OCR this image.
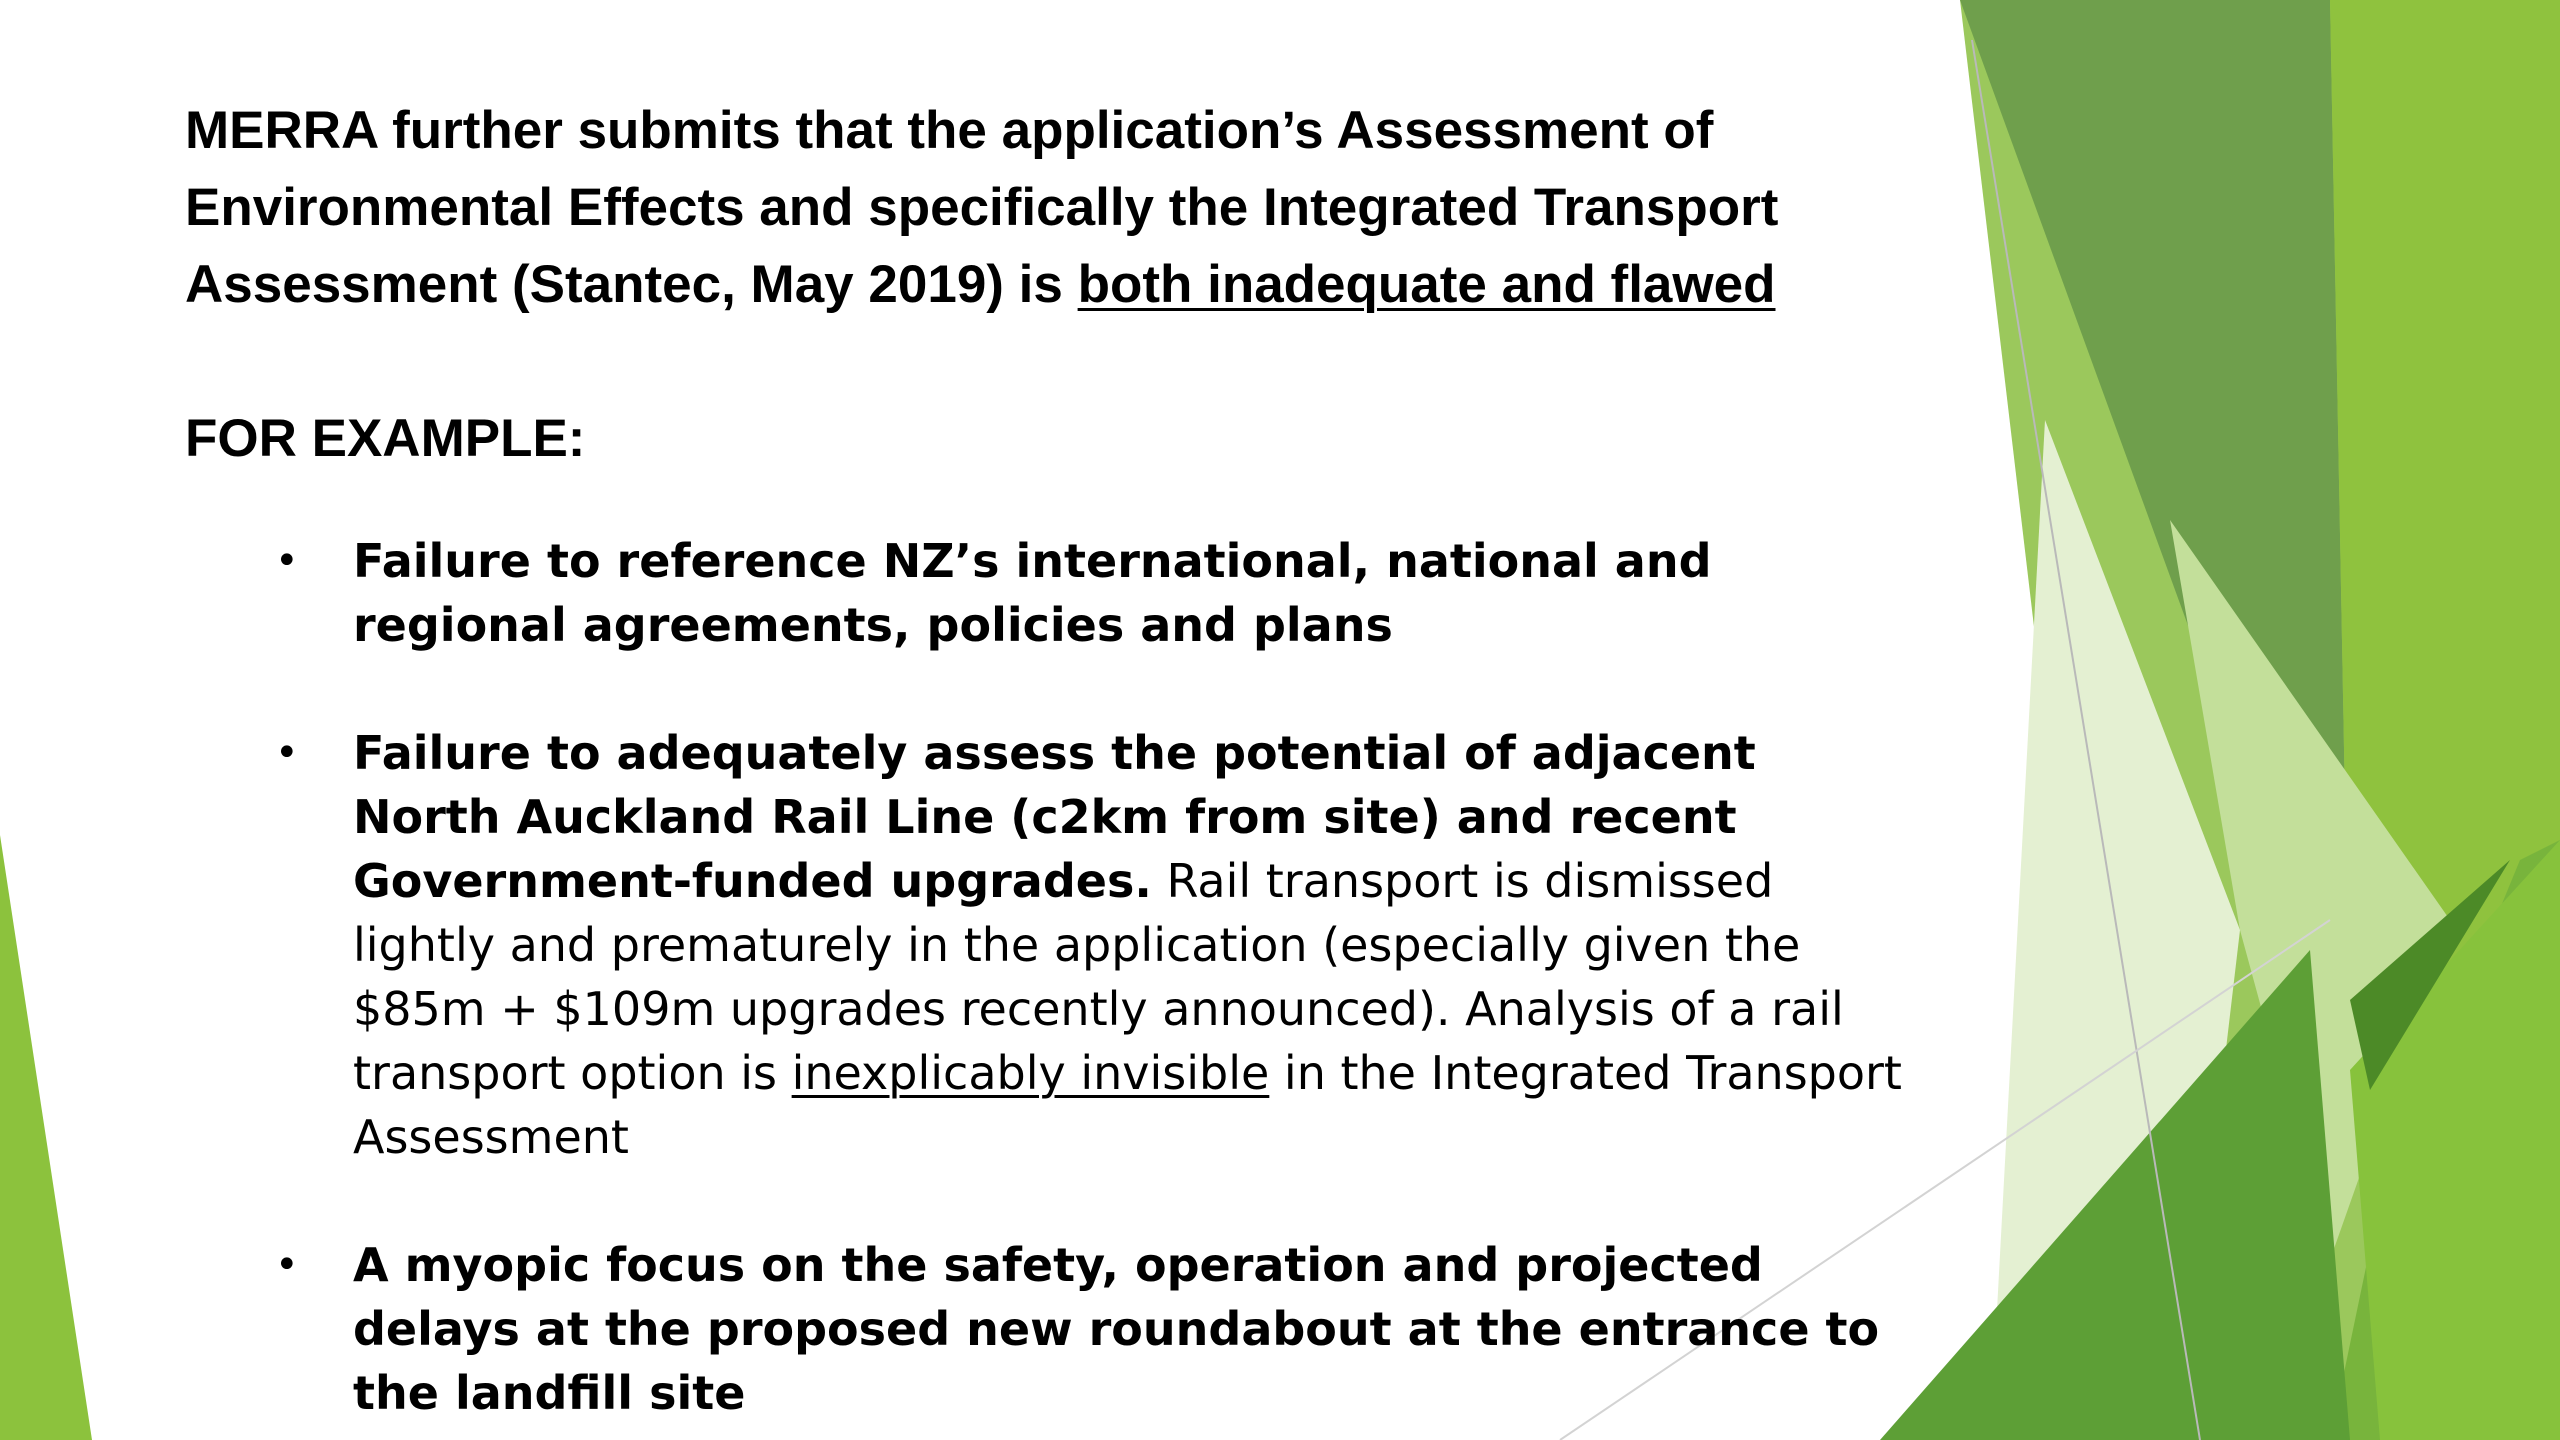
MERRA further submits that the application’s Assessment of Environmental Effects and specifically the Integrated Transport Assessment (Stantec, May 2019) is both inadequate and flawed

FOR EXAMPLE:

• Failure to reference NZ’s international, national and regional agreements, policies and plans
• Failure to adequately assess the potential of adjacent North Auckland Rail Line (c2km from site) and recent Government-funded upgrades. Rail transport is dismissed lightly and prematurely in the application (especially given the $85m + $109m upgrades recently announced). Analysis of a rail transport option is inexplicably invisible in the Integrated Transport Assessment
• A myopic focus on the safety, operation and projected delays at the proposed new roundabout at the entrance to the landfill site
